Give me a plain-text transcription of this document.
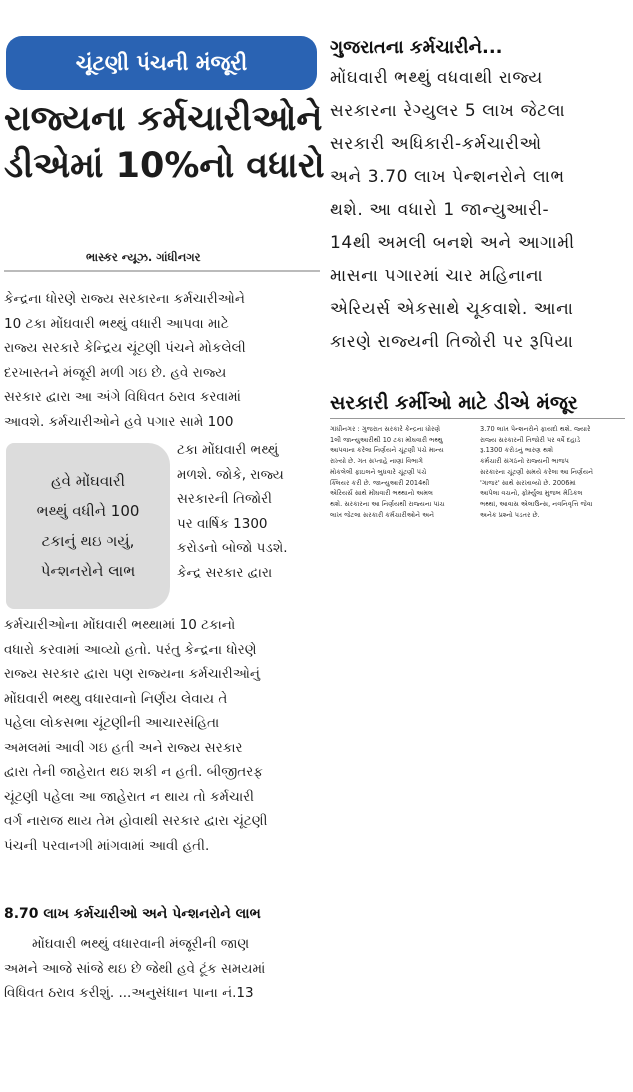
ચૂંટણી પંચની મંજૂરી
રાજ્યના કર્મચારીઓને
ડીએમાં 10%નો વધારો
ભાસ્કર ન્યૂઝ. ગાંધીનગર
કેન્દ્રના ધોરણે રાજ્ય સરકારના કર્મચારીઓને
10 ટકા મોંઘવારી ભથ્થું વધારી આપવા માટે
રાજ્ય સરકારે કેન્દ્રિય ચૂંટણી પંચને મોકલેલી
દરખાસ્તને મંજૂરી મળી ગઇ છે. હવે રાજ્ય
સરકાર દ્વારા આ અંગે વિધિવત ઠરાવ કરવામાં
આવશે. કર્મચારીઓને હવે પગાર સામે 100
હવે મોંઘવારી
ભથ્થું વધીને 100
ટકાનું થઇ ગયું,
પેન્શનરોને લાભ
ટકા મોંઘવારી ભથ્થું
મળશે. જોકે, રાજ્ય
સરકારની તિજોરી
પર વાર્ષિક 1300
કરોડનો બોજો પડશે.
કેન્દ્ર સરકાર દ્વારા
કર્મચારીઓના મોંઘવારી ભથ્થામાં 10 ટકાનો
વધારો કરવામાં આવ્યો હતો. પરંતુ કેન્દ્રના ધોરણે
રાજ્ય સરકાર દ્વારા પણ રાજ્યના કર્મચારીઓનું
મોંઘવારી ભથ્થુ વધારવાનો નિર્ણય લેવાય તે
પહેલા લોકસભા ચૂંટણીની આચારસંહિતા
અમલમાં આવી ગઇ હતી અને રાજ્ય સરકાર
દ્વારા તેની જાહેરાત થઇ શકી ન હતી. બીજીતરફ
ચૂંટણી પહેલા આ જાહેરાત ન થાય તો કર્મચારી
વર્ગ નારાજ થાય તેમ હોવાથી સરકાર દ્વારા ચૂંટણી
પંચની પરવાનગી માંગવામાં આવી હતી.
8.70 લાખ કર્મચારીઓ અને પેન્શનરોને લાભ
મોંઘવારી ભથ્થું વધારવાની મંજૂરીની જાણ
અમને આજે સાંજે થઇ છે જેથી હવે ટૂંક સમયમાં
વિધિવત ઠરાવ કરીશું. ...અનુસંધાન પાના નં.13
ગુજરાતના કર્મચારીને...
મોંઘવારી ભથ્થું વધવાથી રાજ્ય
સરકારના રેગ્યુલર 5 લાખ જેટલા
સરકારી અધિકારી-કર્મચારીઓ
અને 3.70 લાખ પેન્શનરોને લાભ
થશે. આ વધારો 1 જાન્યુઆરી-
14થી અમલી બનશે અને આગામી
માસના પગારમાં ચાર મહિનાના
એરિયર્સ એકસાથે ચૂકવાશે. આના
કારણે રાજ્યની તિજોરી પર રૂપિયા
સરકારી કર્મીઓ માટે ડીએ મંજૂર
ગાંધીનગર : ગુજરાત સરકારે કેન્દ્રના ધોરણે
1લી જાન્યુઆરીથી 10 ટકા મોંઘવારી ભથ્થુ
આપવાના કરેલા નિર્ણયને ચૂંટણી પંચે માન્ય
રાખ્યો છે. ગત સપ્તાહે નાણાં વિભાગે
મોકલેલી ફાઇલને બુધવારે ચૂંટણી પંચે
ક્લિયર કરી છે. જાન્યુઆરી 2014થી
એરિયર્સ સાથે મોંઘવારી ભથ્થાનો અમલ
થશે. સરકારના આ નિર્ણયથી રાજ્યના પાંચ
લાખ જેટલા સરકારી કર્મચારીઓને અને
3.70 લાખ પેન્શનરોને ફાયદો થશે. જ્યારે
રાજ્ય સરકારની તિજોરી પર વર્ષે દહાડે
રૂ.1300 કરોડનું ભારણ થશે
કર્મચારી સંગઠનો રાજ્યની ભાજપ
સરકારના ચૂંટણી સમયે કરેલા આ નિર્ણયને
'ગાજર' સાથે સરખાવ્યો છે. 2006માં
આપેલા વચનો, ફોર્મ્યુલા મુજબ મેડિકલ
ભથ્થાં, આવાસ એલાઉન્સ, નવનિવૃત્તિ જેવા
અનેક પ્રશ્નો પડતર છે.
